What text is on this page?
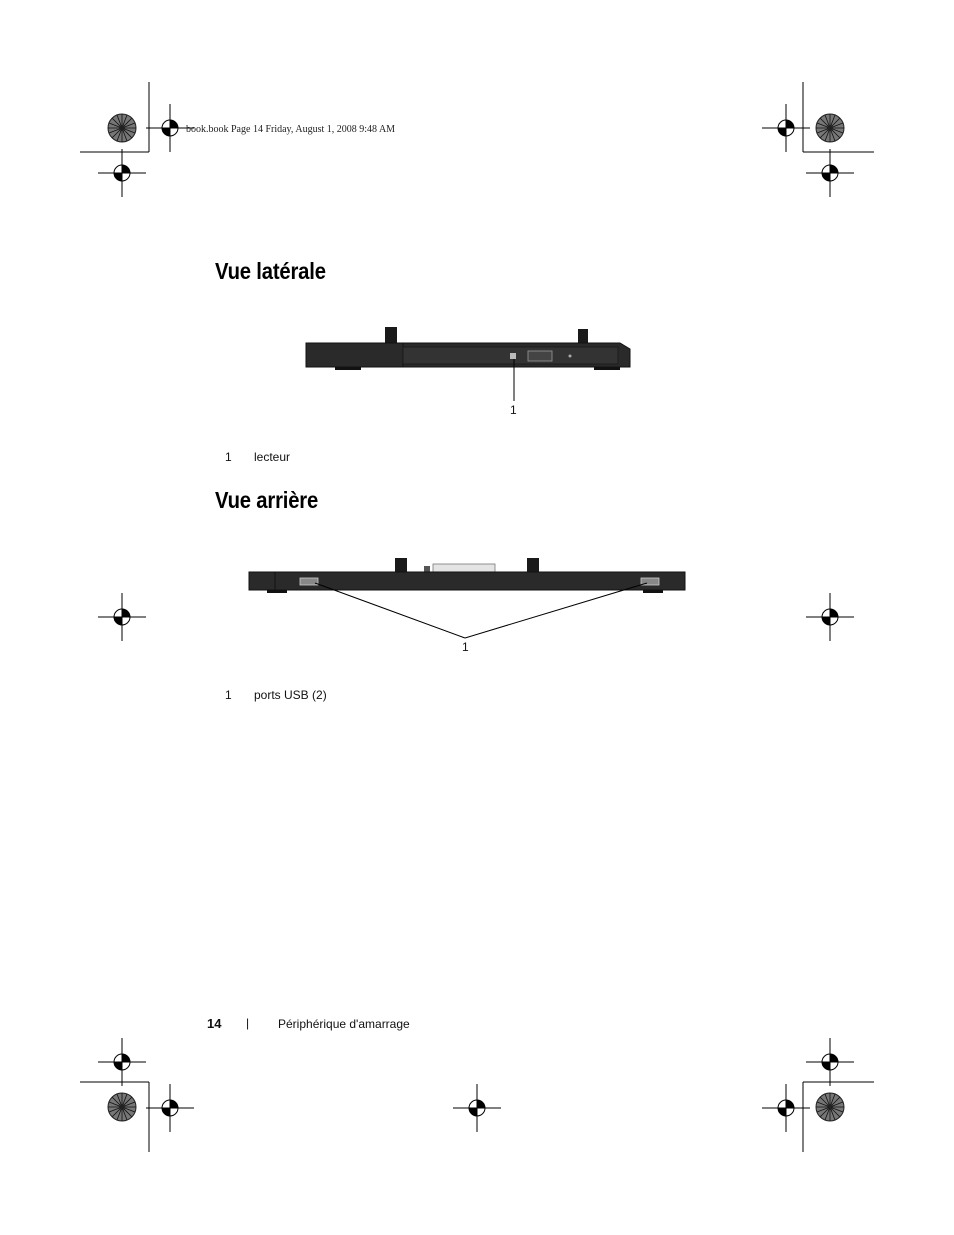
book.book Page 14 Friday, August 1, 2008 9:48 AM
Vue latérale
1
1 lecteur
Vue arrière
1
1 ports USB (2)
14 | Périphérique d'amarrage
